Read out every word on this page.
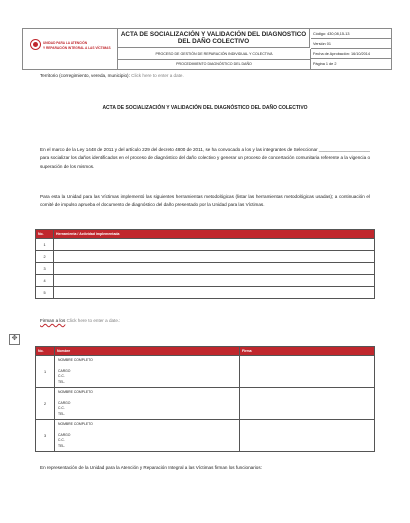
UNIDAD PARA LA ATENCIÓN
Y REPARACIÓN INTEGRAL A LAS VÍCTIMAS
ACTA DE SOCIALIZACIÓN Y VALIDACIÓN DEL DIAGNOSTICO DEL DAÑO COLECTIVO
PROCESO DE GESTIÓN DE REPARACIÓN INDIVIDUAL Y COLECTIVA
PROCEDIMIENTO DIAGNÓSTICO DEL DAÑO
Código: 430,08,15-13
Versión 01
Fecha de Aprobación: 16/10/2014
Página 1 de 2
Territorio (corregimiento, vereda, municipio): Click here to enter a date.
ACTA DE SOCIALIZACIÓN Y VALIDACIÓN DEL DIAGNÓSTICO DEL DAÑO COLECTIVO
En el marco de la Ley 1448 de 2011 y del artículo 229 del decreto 4800 de 2011, se ha convocado a los y las integrantes de Seleccionar ____________________ para socializar los daños identificados en el proceso de diagnóstico del daño colectivo y generar un proceso de concertación comunitaria referente a la vigencia o superación de los mismos.
Para esta la Unidad para las Víctimas implementó las siguientes herramientas metodológicas (listar las herramientas metodológicas usadas); a continuación el comité de impulso aprueba el documento de diagnóstico del daño presentado por la Unidad para las Víctimas.
No.	Herramienta / Actividad implementada
1	
2	
3	
4	
5	
Firman a los Click here to enter a date.:
✥
No.	Nombre	Firma
1	NOMBRE COMPLETO
CARGO
C.C.
TEL.	

2	NOMBRE COMPLETO
CARGO
C.C.
TEL.	

3	NOMBRE COMPLETO
CARGO
C.C.
TEL.	

En representación de la Unidad para la Atención y Reparación Integral a las Víctimas firman los funcionarios:
